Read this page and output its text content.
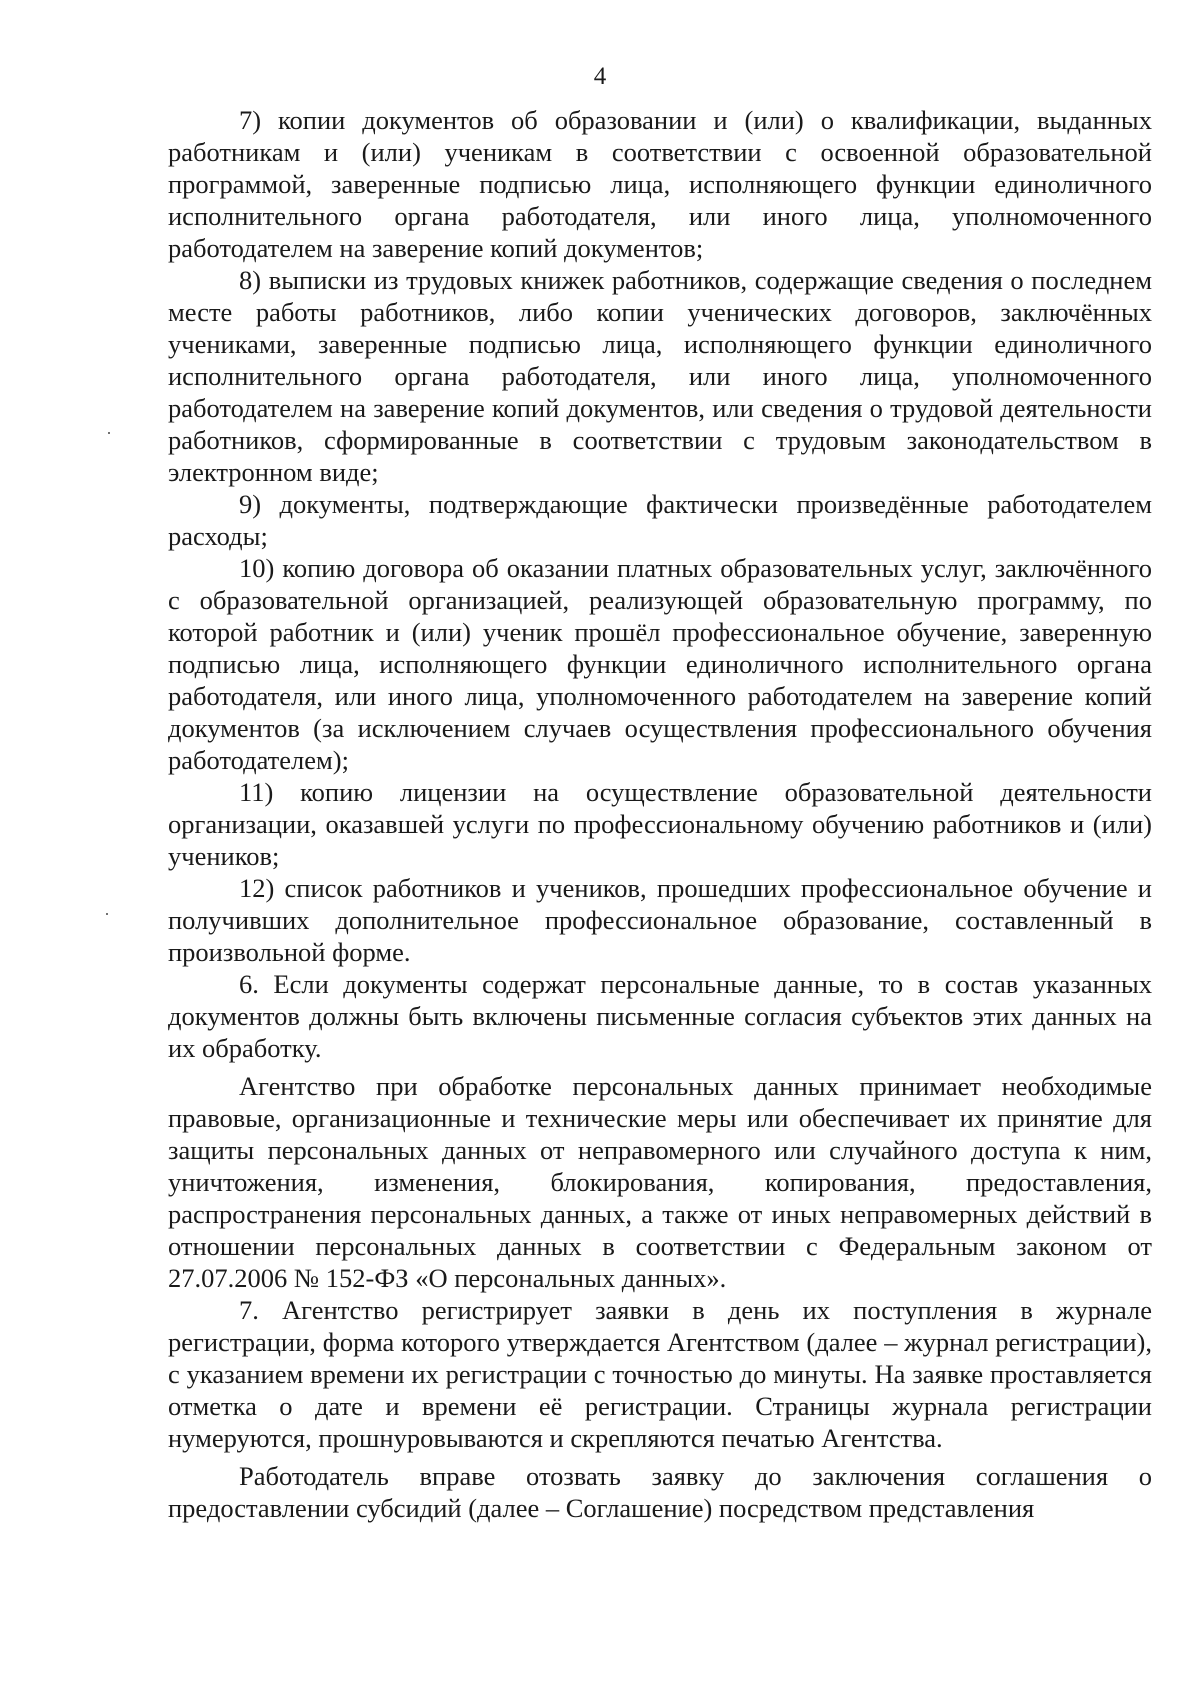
4

7) копии документов об образовании и (или) о квалификации, выданных работникам и (или) ученикам в соответствии с освоенной образовательной программой, заверенные подписью лица, исполняющего функции единоличного исполнительного органа работодателя, или иного лица, уполномоченного работодателем на заверение копий документов;

8) выписки из трудовых книжек работников, содержащие сведения о последнем месте работы работников, либо копии ученических договоров, заключённых учениками, заверенные подписью лица, исполняющего функции единоличного исполнительного органа работодателя, или иного лица, уполномоченного работодателем на заверение копий документов, или сведения о трудовой деятельности работников, сформированные в соответствии с трудовым законодательством в электронном виде;

9) документы, подтверждающие фактически произведённые работодателем расходы;

10) копию договора об оказании платных образовательных услуг, заключённого с образовательной организацией, реализующей образовательную программу, по которой работник и (или) ученик прошёл профессиональное обучение, заверенную подписью лица, исполняющего функции единоличного исполнительного органа работодателя, или иного лица, уполномоченного работодателем на заверение копий документов (за исключением случаев осуществления профессионального обучения работодателем);

11) копию лицензии на осуществление образовательной деятельности организации, оказавшей услуги по профессиональному обучению работников и (или) учеников;

12) список работников и учеников, прошедших профессиональное обучение и получивших дополнительное профессиональное образование, составленный в произвольной форме.

6. Если документы содержат персональные данные, то в состав указанных документов должны быть включены письменные согласия субъектов этих данных на их обработку.

Агентство при обработке персональных данных принимает необходимые правовые, организационные и технические меры или обеспечивает их принятие для защиты персональных данных от неправомерного или случайного доступа к ним, уничтожения, изменения, блокирования, копирования, предоставления, распространения персональных данных, а также от иных неправомерных действий в отношении персональных данных в соответствии с Федеральным законом от 27.07.2006 № 152-ФЗ «О персональных данных».

7. Агентство регистрирует заявки в день их поступления в журнале регистрации, форма которого утверждается Агентством (далее – журнал регистрации), с указанием времени их регистрации с точностью до минуты. На заявке проставляется отметка о дате и времени её регистрации. Страницы журнала регистрации нумеруются, прошнуровываются и скрепляются печатью Агентства.

Работодатель вправе отозвать заявку до заключения соглашения о предоставлении субсидий (далее – Соглашение) посредством представления
